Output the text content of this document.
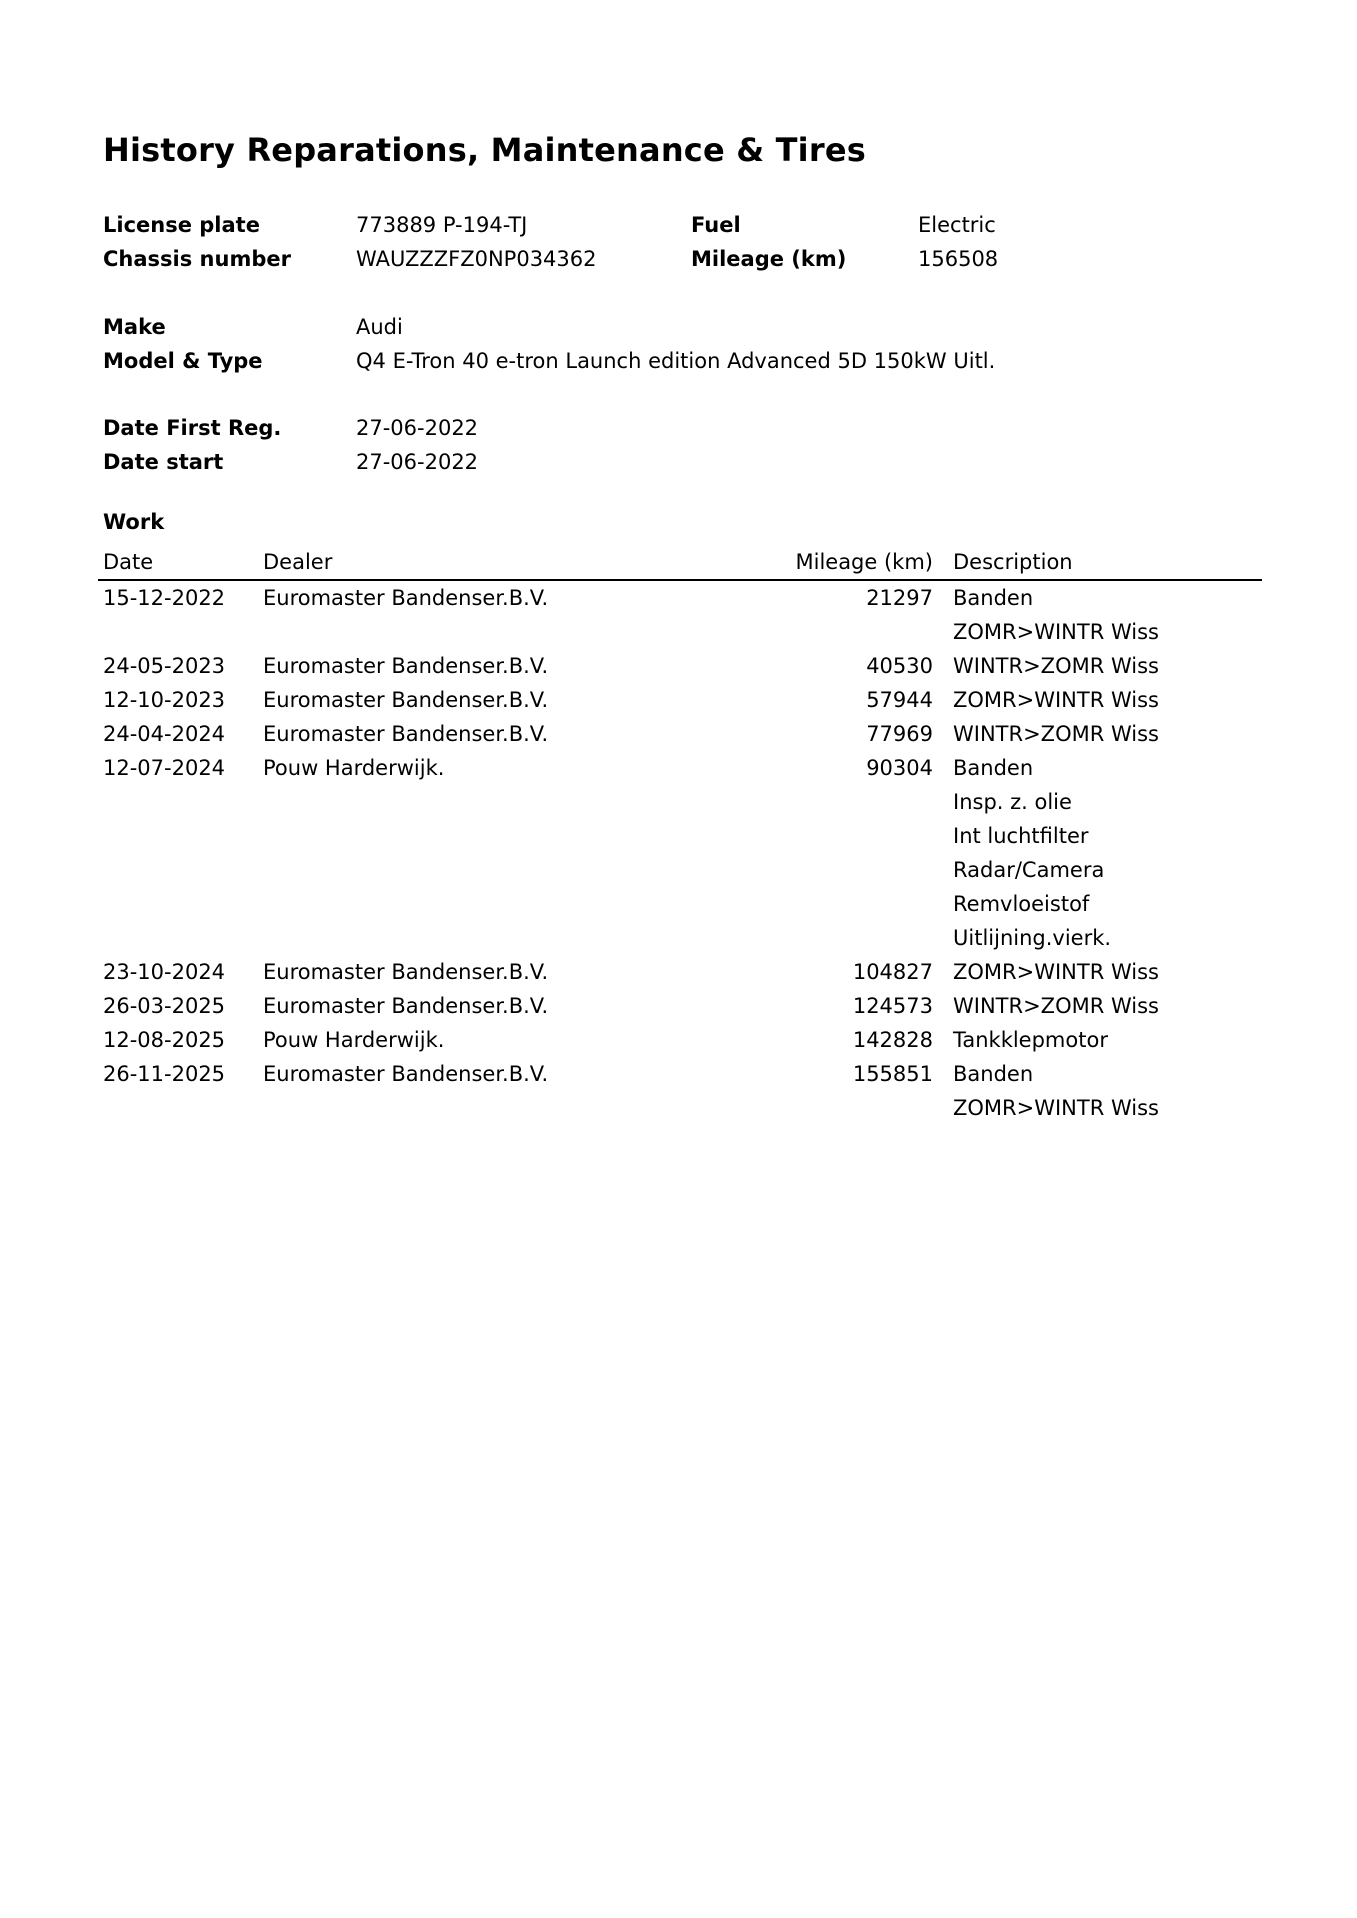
History Reparations, Maintenance & Tires
License plate	773889 P-194-TJ	Fuel	Electric
Chassis number	WAUZZZFZ0NP034362	Mileage (km)	156508
Make	Audi
Model & Type	Q4 E-Tron 40 e-tron Launch edition Advanced 5D 150kW Uitl.
Date First Reg.	27-06-2022
Date start	27-06-2022
Work
Date	Dealer	Mileage (km)	Description
15-12-2022	Euromaster Bandenser.B.V.	21297	Banden
			ZOMR>WINTR Wiss
24-05-2023	Euromaster Bandenser.B.V.	40530	WINTR>ZOMR Wiss
12-10-2023	Euromaster Bandenser.B.V.	57944	ZOMR>WINTR Wiss
24-04-2024	Euromaster Bandenser.B.V.	77969	WINTR>ZOMR Wiss
12-07-2024	Pouw Harderwijk.	90304	Banden
			Insp. z. olie
			Int luchtfilter
			Radar/Camera
			Remvloeistof
			Uitlijning.vierk.
23-10-2024	Euromaster Bandenser.B.V.	104827	ZOMR>WINTR Wiss
26-03-2025	Euromaster Bandenser.B.V.	124573	WINTR>ZOMR Wiss
12-08-2025	Pouw Harderwijk.	142828	Tankklepmotor
26-11-2025	Euromaster Bandenser.B.V.	155851	Banden
			ZOMR>WINTR Wiss
